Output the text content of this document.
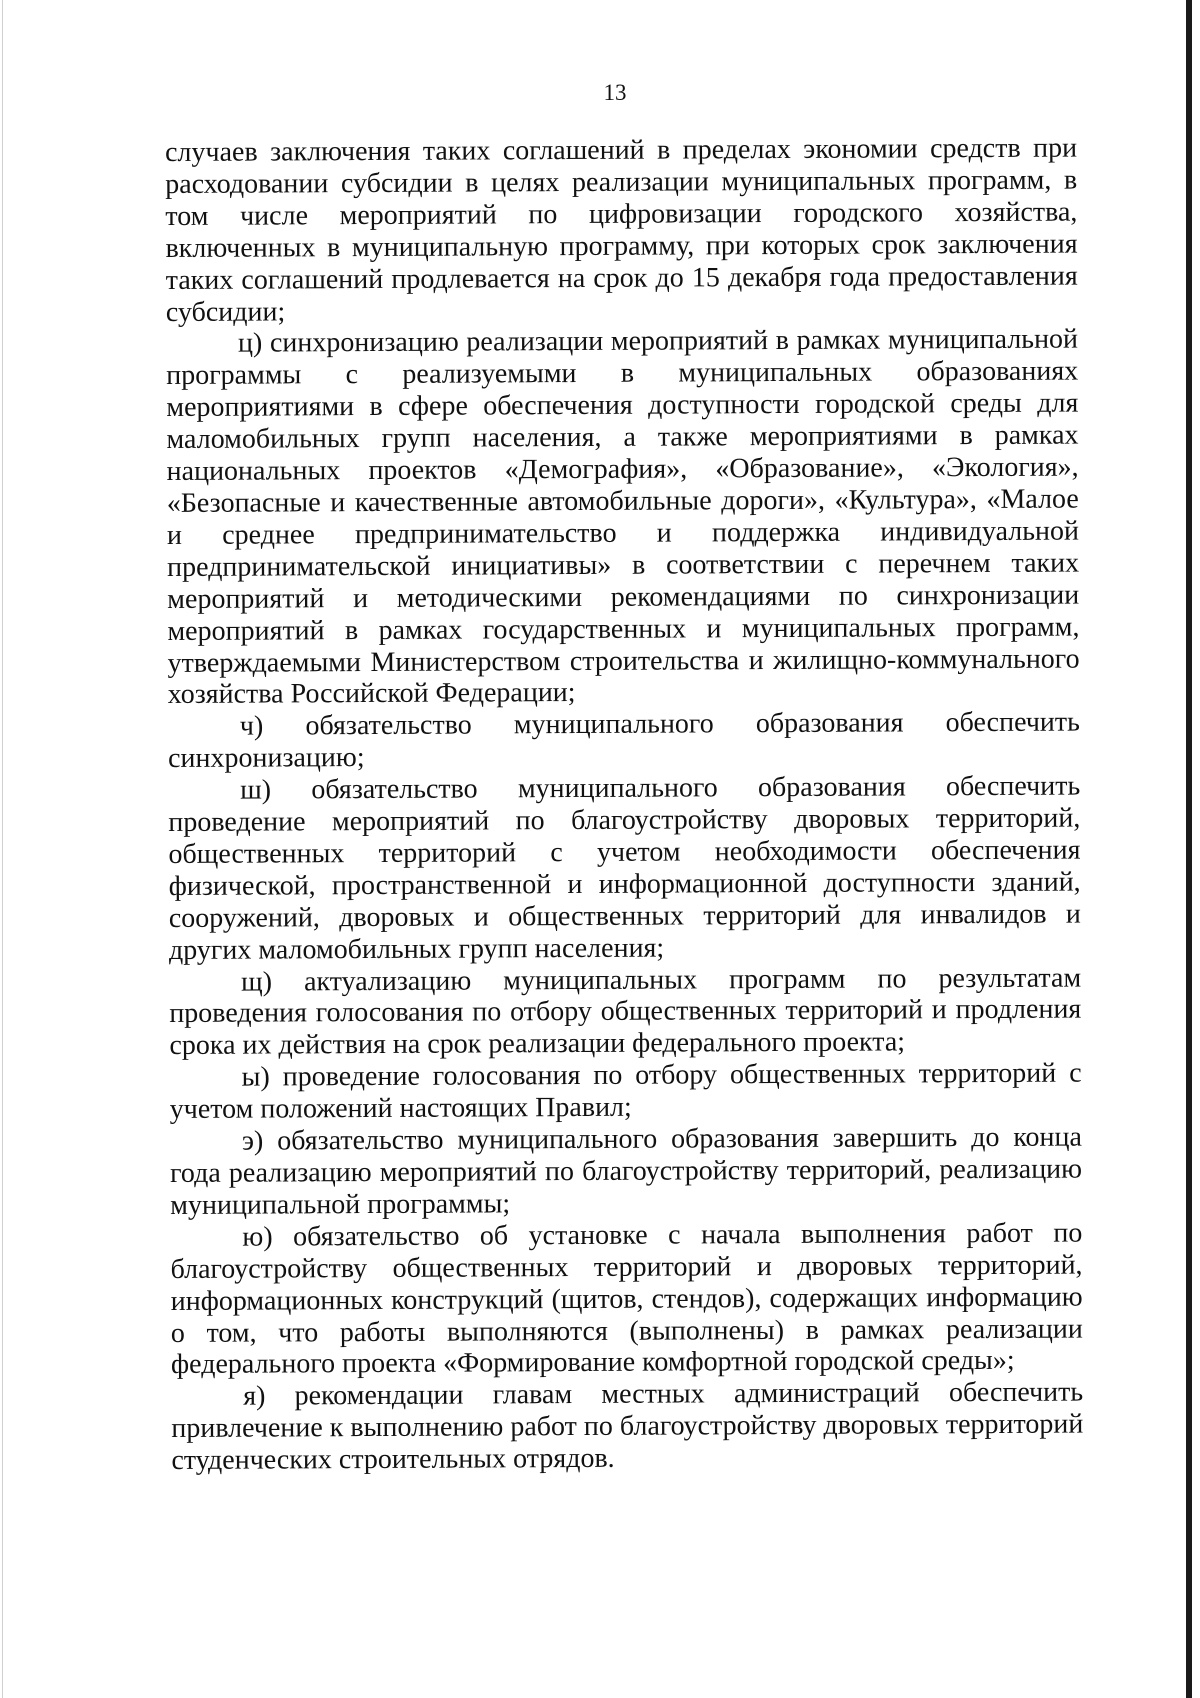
13

случаев заключения таких соглашений в пределах экономии средств при расходовании субсидии в целях реализации муниципальных программ, в том числе мероприятий по цифровизации городского хозяйства, включенных в муниципальную программу, при которых срок заключения таких соглашений продлевается на срок до 15 декабря года предоставления субсидии;

ц) синхронизацию реализации мероприятий в рамках муниципальной программы с реализуемыми в муниципальных образованиях мероприятиями в сфере обеспечения доступности городской среды для маломобильных групп населения, а также мероприятиями в рамках национальных проектов «Демография», «Образование», «Экология», «Безопасные и качественные автомобильные дороги», «Культура», «Малое и среднее предпринимательство и поддержка индивидуальной предпринимательской инициативы» в соответствии с перечнем таких мероприятий и методическими рекомендациями по синхронизации мероприятий в рамках государственных и муниципальных программ, утверждаемыми Министерством строительства и жилищно-коммунального хозяйства Российской Федерации;

ч) обязательство муниципального образования обеспечить синхронизацию;

ш) обязательство муниципального образования обеспечить проведение мероприятий по благоустройству дворовых территорий, общественных территорий с учетом необходимости обеспечения физической, пространственной и информационной доступности зданий, сооружений, дворовых и общественных территорий для инвалидов и других маломобильных групп населения;

щ) актуализацию муниципальных программ по результатам проведения голосования по отбору общественных территорий и продления срока их действия на срок реализации федерального проекта;

ы) проведение голосования по отбору общественных территорий с учетом положений настоящих Правил;

э) обязательство муниципального образования завершить до конца года реализацию мероприятий по благоустройству территорий, реализацию муниципальной программы;

ю) обязательство об установке с начала выполнения работ по благоустройству общественных территорий и дворовых территорий, информационных конструкций (щитов, стендов), содержащих информацию о том, что работы выполняются (выполнены) в рамках реализации федерального проекта «Формирование комфортной городской среды»;

я) рекомендации главам местных администраций обеспечить привлечение к выполнению работ по благоустройству дворовых территорий студенческих строительных отрядов.
